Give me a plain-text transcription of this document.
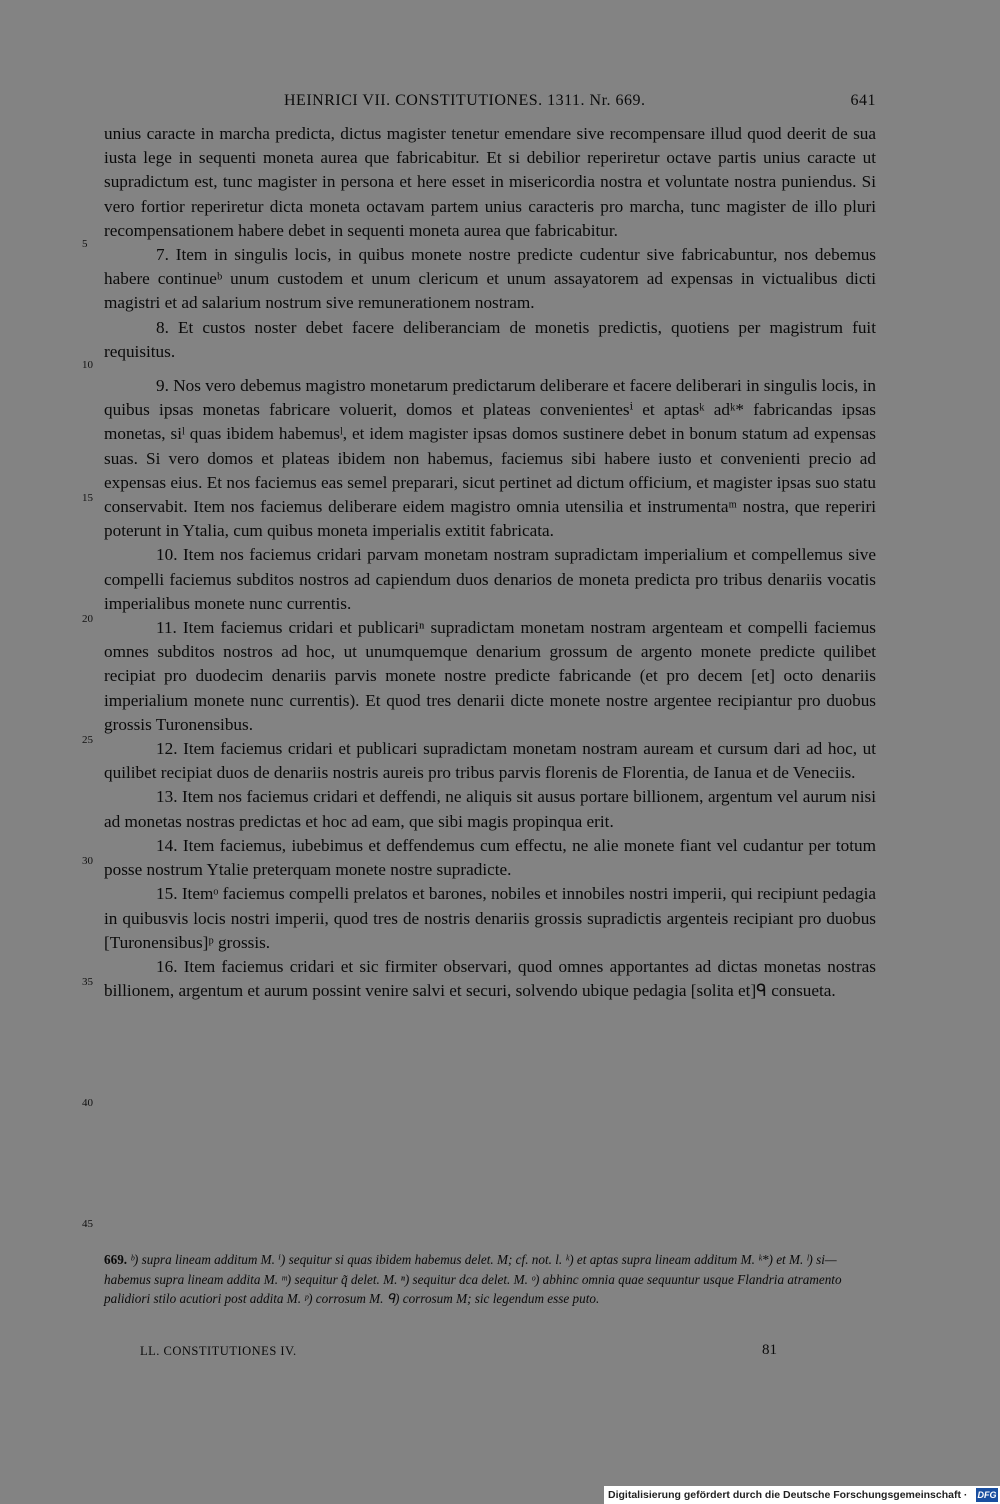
HEINRICI VII. CONSTITUTIONES. 1311. Nr. 669.	641

unius caracte in marcha predicta, dictus magister tenetur emendare sive recompensare illud quod deerit de sua iusta lege in sequenti moneta aurea que fabricabitur. Et si debilior reperiretur octave partis unius caracte ut supradictum est, tunc magister in persona et here esset in misericordia nostra et voluntate nostra puniendus. Si vero fortior reperiretur dicta moneta octavam partem unius caracteris pro marcha, tunc magister de illo pluri recompensationem habere debet in sequenti moneta aurea que fabricabitur.

7. Item in singulis locis, in quibus monete nostre predicte cudentur sive fabricabuntur, nos debemus habere continueᵇ unum custodem et unum clericum et unum assayatorem ad expensas in victualibus dicti magistri et ad salarium nostrum sive remunerationem nostram.

8. Et custos noster debet facere deliberanciam de monetis predictis, quotiens per magistrum fuit requisitus.

9. Nos vero debemus magistro monetarum predictarum deliberare et facere deliberari in singulis locis, in quibus ipsas monetas fabricare voluerit, domos et plateas convenientesⁱ et aptasᵏ adᵏ* fabricandas ipsas monetas, siˡ quas ibidem habemusˡ, et idem magister ipsas domos sustinere debet in bonum statum ad expensas suas. Si vero domos et plateas ibidem non habemus, faciemus sibi habere iusto et convenienti precio ad expensas eius. Et nos faciemus eas semel preparari, sicut pertinet ad dictum officium, et magister ipsas suo statu conservabit. Item nos faciemus deliberare eidem magistro omnia utensilia et instrumentaᵐ nostra, que reperiri poterunt in Ytalia, cum quibus moneta imperialis extitit fabricata.

10. Item nos faciemus cridari parvam monetam nostram supradictam imperialium et compellemus sive compelli faciemus subditos nostros ad capiendum duos denarios de moneta predicta pro tribus denariis vocatis imperialibus monete nunc currentis.

11. Item faciemus cridari et publicariⁿ supradictam monetam nostram argenteam et compelli faciemus omnes subditos nostros ad hoc, ut unumquemque denarium grossum de argento monete predicte quilibet recipiat pro duodecim denariis parvis monete nostre predicte fabricande (et pro decem [et] octo denariis imperialium monete nunc currentis). Et quod tres denarii dicte monete nostre argentee recipiantur pro duobus grossis Turonensibus.

12. Item faciemus cridari et publicari supradictam monetam nostram auream et cursum dari ad hoc, ut quilibet recipiat duos de denariis nostris aureis pro tribus parvis florenis de Florentia, de Ianua et de Veneciis.

13. Item nos faciemus cridari et deffendi, ne aliquis sit ausus portare billionem, argentum vel aurum nisi ad monetas nostras predictas et hoc ad eam, que sibi magis propinqua erit.

14. Item faciemus, iubebimus et deffendemus cum effectu, ne alie monete fiant vel cudantur per totum posse nostrum Ytalie preterquam monete nostre supradicte.

15. Itemᵒ faciemus compelli prelatos et barones, nobiles et innobiles nostri imperii, qui recipiunt pedagia in quibusvis locis nostri imperii, quod tres de nostris denariis grossis supradictis argenteis recipiant pro duobus [Turonensibus]ᵖ grossis.

16. Item faciemus cridari et sic firmiter observari, quod omnes apportantes ad dictas monetas nostras billionem, argentum et aurum possint venire salvi et securi, solvendo ubique pedagia [solita et]ᑫ consueta.

5
10
15
20
25
30
35
40
45

669. ᵇ) supra lineam additum M. ⁱ) sequitur si quas ibidem habemus delet. M; cf. not. l. ᵏ) et aptas supra lineam additum M. ᵏ*) et M. ˡ) si—habemus supra lineam addita M. ᵐ) sequitur q̃ delet. M. ⁿ) sequitur dca delet. M. ᵒ) abhinc omnia quae sequuntur usque Flandria atramento palidiori stilo acutiori post addita M. ᵖ) corrosum M. ᑫ) corrosum M; sic legendum esse puto.

LL. CONSTITUTIONES IV.	81
Digitalisierung gefördert durch die Deutsche Forschungsgemeinschaft · DFG
